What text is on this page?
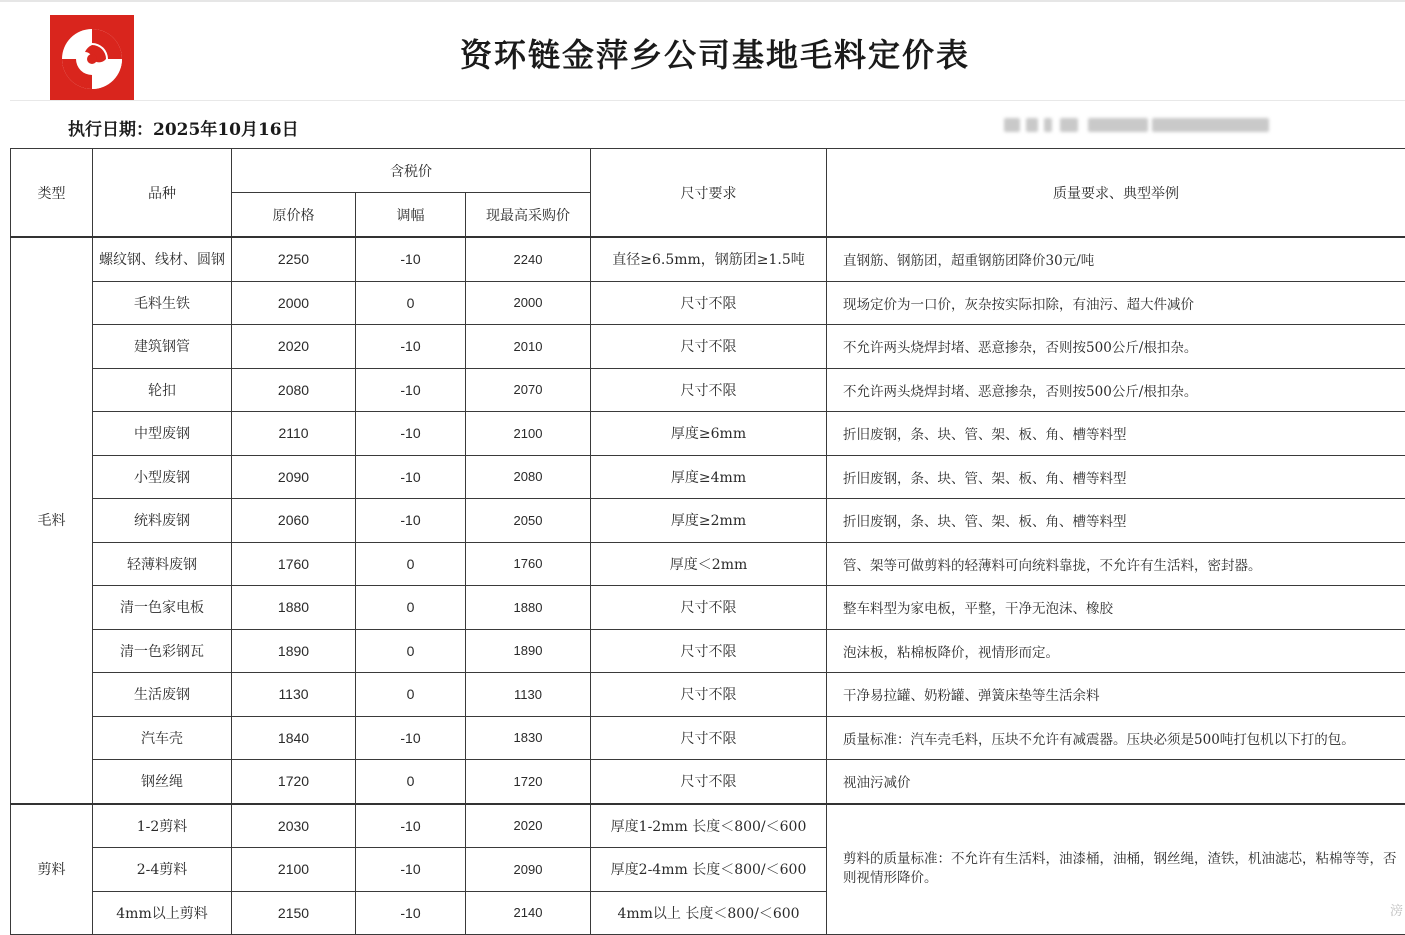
资环链金萍乡公司基地毛料定价表
执行日期：2025年10月16日
类型	品种	含税价			尺寸要求	质量要求、典型举例
		原价格	调幅	现最高采购价		
毛料	螺纹钢、线材、圆钢	2250	-10	2240	直径≥6.5mm，钢筋团≥1.5吨	直钢筋、钢筋团，超重钢筋团降价30元/吨
	毛料生铁	2000	0	2000	尺寸不限	现场定价为一口价，灰杂按实际扣除，有油污、超大件减价
	建筑钢管	2020	-10	2010	尺寸不限	不允许两头烧焊封堵、恶意掺杂，否则按500公斤/根扣杂。
	轮扣	2080	-10	2070	尺寸不限	不允许两头烧焊封堵、恶意掺杂，否则按500公斤/根扣杂。
	中型废钢	2110	-10	2100	厚度≥6mm	折旧废钢，条、块、管、架、板、角、槽等料型
	小型废钢	2090	-10	2080	厚度≥4mm	折旧废钢，条、块、管、架、板、角、槽等料型
	统料废钢	2060	-10	2050	厚度≥2mm	折旧废钢，条、块、管、架、板、角、槽等料型
	轻薄料废钢	1760	0	1760	厚度＜2mm	管、架等可做剪料的轻薄料可向统料靠拢，不允许有生活料，密封器。
	清一色家电板	1880	0	1880	尺寸不限	整车料型为家电板，平整，干净无泡沫、橡胶
	清一色彩钢瓦	1890	0	1890	尺寸不限	泡沫板，粘棉板降价，视情形而定。
	生活废钢	1130	0	1130	尺寸不限	干净易拉罐、奶粉罐、弹簧床垫等生活余料
	汽车壳	1840	-10	1830	尺寸不限	质量标准：汽车壳毛料，压块不允许有减震器。压块必须是500吨打包机以下打的包。
	钢丝绳	1720	0	1720	尺寸不限	视油污减价
剪料	1-2剪料	2030	-10	2020	厚度1-2mm 长度＜800/＜600	剪料的质量标准：不允许有生活料，油漆桶，油桶，钢丝绳，渣铁，机油滤芯，粘棉等等，否则视情形降价。
	2-4剪料	2100	-10	2090	厚度2-4mm 长度＜800/＜600	
	4mm以上剪料	2150	-10	2140	4mm以上 长度＜800/＜600		滂
